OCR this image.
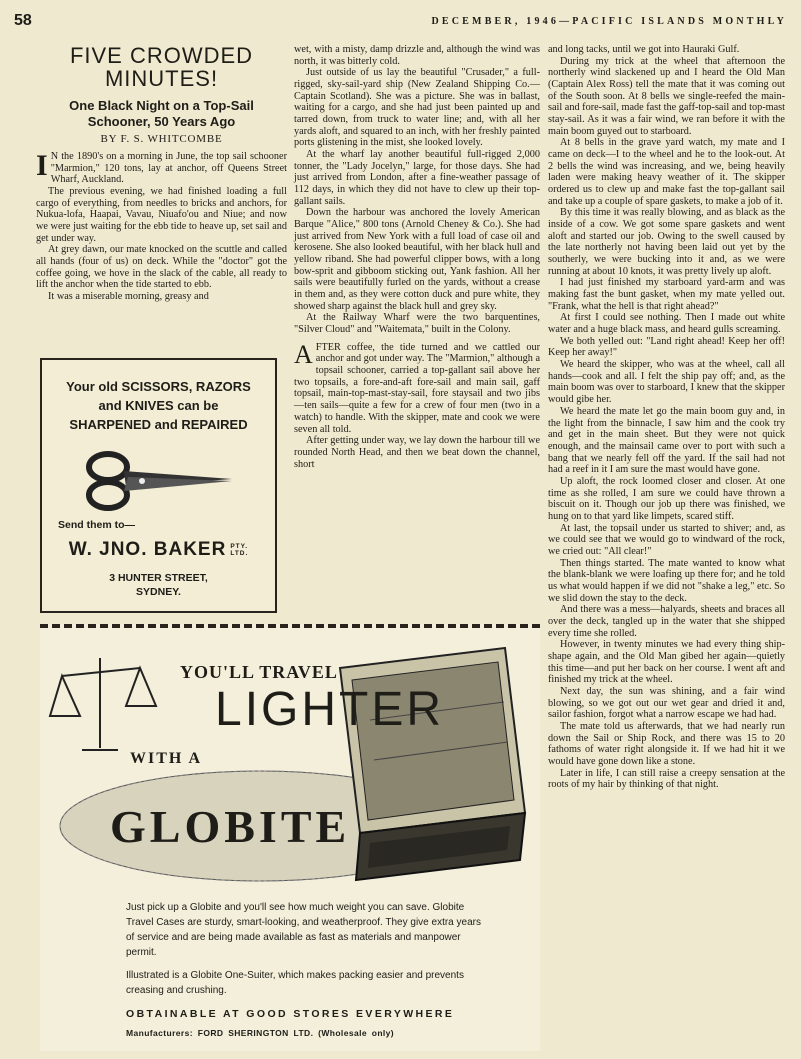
58	DECEMBER, 1946—PACIFIC ISLANDS MONTHLY
FIVE CROWDED MINUTES!
One Black Night on a Top-Sail Schooner, 50 Years Ago
BY F. S. WHITCOMBE

I N the 1890's on a morning in June, the top sail schooner "Marmion," 120 tons, lay at anchor, off Queens Street Wharf, Auckland.

The previous evening, we had finished loading a full cargo of everything, from needles to bricks and anchors, for Nukua-lofa, Haapai, Vavau, Niuafo'ou and Niue; and now we were just waiting for the ebb tide to heave up, set sail and get under way.

At grey dawn, our mate knocked on the scuttle and called all hands (four of us) on deck. While the "doctor" got the coffee going, we hove in the slack of the cable, all ready to lift the anchor when the tide started to ebb.

It was a miserable morning, greasy and

wet, with a misty, damp drizzle and, although the wind was north, it was bitterly cold.

Just outside of us lay the beautiful "Crusader," a full-rigged, sky-sail-yard ship (New Zealand Shipping Co.—Captain Scotland). She was a picture. She was in ballast, waiting for a cargo, and she had just been painted up and tarred down, from truck to water line; and, with all her yards aloft, and squared to an inch, with her freshly painted ports glistening in the mist, she looked lovely.

At the wharf lay another beautiful full-rigged 2,000 tonner, the "Lady Jocelyn," large, for those days. She had just arrived from London, after a fine-weather passage of 112 days, in which they did not have to clew up their top-gallant sails.

Down the harbour was anchored the lovely American Barque "Alice," 800 tons (Arnold Cheney & Co.). She had just arrived from New York with a full load of case oil and kerosene. She also looked beautiful, with her black hull and yellow riband. She had powerful clipper bows, with a long bow-sprit and gibboom sticking out, Yank fashion. All her sails were beautifully furled on the yards, without a crease in them and, as they were cotton duck and pure white, they showed sharp against the black hull and grey sky.

At the Railway Wharf were the two barquentines, "Silver Cloud" and "Waitemata," built in the Colony.

AFTER coffee, the tide turned and we cattled our anchor and got under way. The "Marmion," although a topsail schooner, carried a top-gallant sail above her two topsails, a fore-and-aft fore-sail and main sail, gaff topsail, main-top-mast-stay-sail, fore staysail and two jibs—ten sails—quite a few for a crew of four men (two in a watch) to handle. With the skipper, mate and cook we were seven all told.

After getting under way, we lay down the harbour till we rounded North Head, and then we beat down the channel, short

and long tacks, until we got into Hauraki Gulf.

During my trick at the wheel that afternoon the northerly wind slackened up and I heard the Old Man (Captain Alex Ross) tell the mate that it was coming out of the South soon. At 8 bells we single-reefed the main-sail and fore-sail, made fast the gaff-top-sail and top-mast stay-sail. As it was a fair wind, we ran before it with the main boom guyed out to starboard.

At 8 bells in the grave yard watch, my mate and I came on deck—I to the wheel and he to the look-out. At 2 bells the wind was increasing, and we, being heavily laden were making heavy weather of it. The skipper ordered us to clew up and make fast the top-gallant sail and take up a couple of spare gaskets, to make a job of it.

By this time it was really blowing, and as black as the inside of a cow. We got some spare gaskets and went aloft and started our job. Owing to the swell caused by the late northerly not having been laid out yet by the southerly, we were bucking into it and, as we were running at about 10 knots, it was pretty lively up aloft.

I had just finished my starboard yard-arm and was making fast the bunt gasket, when my mate yelled out. "Frank, what the hell is that right ahead?"

At first I could see nothing. Then I made out white water and a huge black mass, and heard gulls screaming.

We both yelled out: "Land right ahead! Keep her off! Keep her away!"

We heard the skipper, who was at the wheel, call all hands—cook and all. I felt the ship pay off; and, as the main boom was over to starboard, I knew that the skipper would gibe her.

We heard the mate let go the main boom guy and, in the light from the binnacle, I saw him and the cook try and get in the main sheet. But they were not quick enough, and the mainsail came over to port with such a bang that we nearly fell off the yard. If the sail had not had a reef in it I am sure the mast would have gone.

Up aloft, the rock loomed closer and closer. At one time as she rolled, I am sure we could have thrown a biscuit on it. Though our job up there was finished, we hung on to that yard like limpets, scared stiff.

At last, the topsail under us started to shiver; and, as we could see that we would go to windward of the rock, we cried out: "All clear!"

Then things started. The mate wanted to know what the blank-blank we were loafing up there for; and he told us what would happen if we did not "shake a leg," etc. So we slid down the stay to the deck.

And there was a mess—halyards, sheets and braces all over the deck, tangled up in the water that she shipped every time she rolled.

However, in twenty minutes we had every thing ship-shape again, and the Old Man gibed her again—quietly this time—and put her back on her course. I went aft and finished my trick at the wheel.

Next day, the sun was shining, and a fair wind blowing, so we got out our wet gear and dried it and, sailor fashion, forgot what a narrow escape we had had.

The mate told us afterwards, that we had nearly run down the Sail or Ship Rock, and there was 15 to 20 fathoms of water right alongside it. If we had hit it we would have gone down like a stone.

Later in life, I can still raise a creepy sensation at the roots of my hair by thinking of that night.

Your old SCISSORS, RAZORS
and KNIVES can be
SHARPENED and REPAIRED
Send them to—
W. JNO. BAKER PTY.
LTD.
3 HUNTER STREET,
SYDNEY.
YOU'LL TRAVEL
LIGHTER
WITH A
GLOBITE

Just pick up a Globite and you'll see how much weight you can save. Globite Travel Cases are sturdy, smart-looking, and weatherproof. They give extra years of service and are being made available as fast as materials and manpower permit.

Illustrated is a Globite One-Suiter, which makes packing easier and prevents creasing and crushing.

OBTAINABLE AT GOOD STORES EVERYWHERE
Manufacturers: FORD SHERINGTON LTD. (Wholesale only)
